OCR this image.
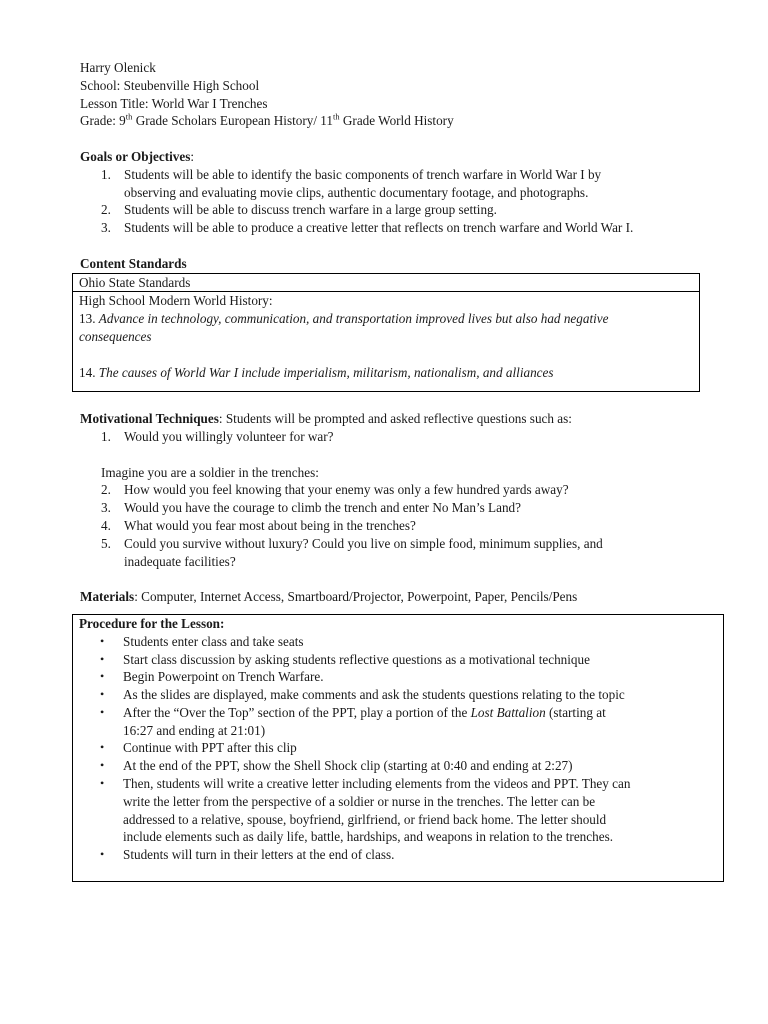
Harry Olenick
School: Steubenville High School
Lesson Title: World War I Trenches
Grade: 9th Grade Scholars European History/ 11th Grade World History
Goals or Objectives:
1. Students will be able to identify the basic components of trench warfare in World War I by
observing and evaluating movie clips, authentic documentary footage, and photographs.
2. Students will be able to discuss trench warfare in a large group setting.
3. Students will be able to produce a creative letter that reflects on trench warfare and World War I.
Content Standards
Ohio State Standards
High School Modern World History:
13. Advance in technology, communication, and transportation improved lives but also had negative
consequences
14. The causes of World War I include imperialism, militarism, nationalism, and alliances
Motivational Techniques: Students will be prompted and asked reflective questions such as:
1. Would you willingly volunteer for war?
Imagine you are a soldier in the trenches:
2. How would you feel knowing that your enemy was only a few hundred yards away?
3. Would you have the courage to climb the trench and enter No Man’s Land?
4. What would you fear most about being in the trenches?
5. Could you survive without luxury? Could you live on simple food, minimum supplies, and
inadequate facilities?
Materials: Computer, Internet Access, Smartboard/Projector, Powerpoint, Paper, Pencils/Pens
Procedure for the Lesson:
• Students enter class and take seats
• Start class discussion by asking students reflective questions as a motivational technique
• Begin Powerpoint on Trench Warfare.
• As the slides are displayed, make comments and ask the students questions relating to the topic
• After the “Over the Top” section of the PPT, play a portion of the Lost Battalion (starting at
16:27 and ending at 21:01)
• Continue with PPT after this clip
• At the end of the PPT, show the Shell Shock clip (starting at 0:40 and ending at 2:27)
• Then, students will write a creative letter including elements from the videos and PPT. They can
write the letter from the perspective of a soldier or nurse in the trenches. The letter can be
addressed to a relative, spouse, boyfriend, girlfriend, or friend back home. The letter should
include elements such as daily life, battle, hardships, and weapons in relation to the trenches.
• Students will turn in their letters at the end of class.
